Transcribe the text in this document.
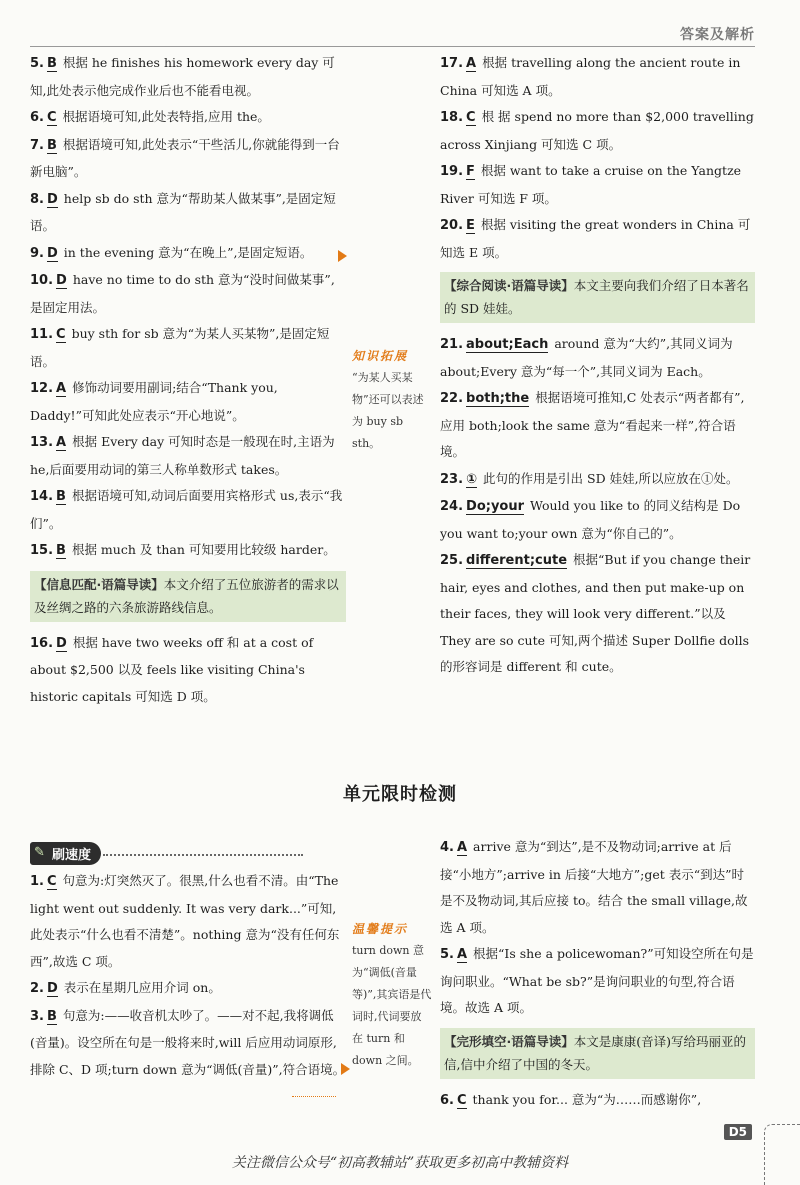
答案及解析
5. B 根据 he finishes his homework every day 可知,此处表示他完成作业后也不能看电视。
6. C 根据语境可知,此处表特指,应用 the。
7. B 根据语境可知,此处表示“干些活儿,你就能得到一台新电脑”。
8. D help sb do sth 意为“帮助某人做某事”,是固定短语。
9. D in the evening 意为“在晚上”,是固定短语。
10. D have no time to do sth 意为“没时间做某事”,是固定用法。
11. C buy sth for sb 意为“为某人买某物”,是固定短语。
12. A 修饰动词要用副词;结合“Thank you, Daddy!”可知此处应表示“开心地说”。
13. A 根据 Every day 可知时态是一般现在时,主语为 he,后面要用动词的第三人称单数形式 takes。
14. B 根据语境可知,动词后面要用宾格形式 us,表示“我们”。
15. B 根据 much 及 than 可知要用比较级 harder。
【信息匹配·语篇导读】本文介绍了五位旅游者的需求以及丝绸之路的六条旅游路线信息。
16. D 根据 have two weeks off 和 at a cost of about $2,500 以及 feels like visiting China's historic capitals 可知选 D 项。
知识拓展
“为某人买某物”还可以表述为 buy sb sth。
17. A 根据 travelling along the ancient route in China 可知选 A 项。
18. C 根 据 spend no more than $2,000 travelling across Xinjiang 可知选 C 项。
19. F 根据 want to take a cruise on the Yangtze River 可知选 F 项。
20. E 根据 visiting the great wonders in China 可知选 E 项。
【综合阅读·语篇导读】本文主要向我们介绍了日本著名的 SD 娃娃。
21. about;Each around 意为“大约”,其同义词为 about;Every 意为“每一个”,其同义词为 Each。
22. both;the 根据语境可推知,C 处表示“两者都有”,应用 both;look the same 意为“看起来一样”,符合语境。
23. ① 此句的作用是引出 SD 娃娃,所以应放在①处。
24. Do;your Would you like to 的同义结构是 Do you want to;your own 意为“你自己的”。
25. different;cute 根据“But if you change their hair, eyes and clothes, and then put make-up on their faces, they will look very different.”以及 They are so cute 可知,两个描述 Super Dollfie dolls 的形容词是 different 和 cute。
单元限时检测
✎ 刷速度
1. C 句意为:灯突然灭了。很黑,什么也看不清。由“The light went out suddenly. It was very dark...”可知,此处表示“什么也看不清楚”。nothing 意为“没有任何东西”,故选 C 项。
2. D 表示在星期几应用介词 on。
3. B 句意为:——收音机太吵了。——对不起,我将调低(音量)。设空所在句是一般将来时,will 后应用动词原形,排除 C、D 项;turn down 意为“调低(音量)”,符合语境。
温馨提示
turn down 意为“调低(音量等)”,其宾语是代词时,代词要放在 turn 和 down 之间。
4. A arrive 意为“到达”,是不及物动词;arrive at 后接“小地方”;arrive in 后接“大地方”;get 表示“到达”时是不及物动词,其后应接 to。结合 the small village,故选 A 项。
5. A 根据“Is she a policewoman?”可知设空所在句是询问职业。“What be sb?”是询问职业的句型,符合语境。故选 A 项。
【完形填空·语篇导读】本文是康康(音译)写给玛丽亚的信,信中介绍了中国的冬天。
6. C thank you for... 意为“为……而感谢你”,
D5
关注微信公众号“初高教辅站”获取更多初高中教辅资料
